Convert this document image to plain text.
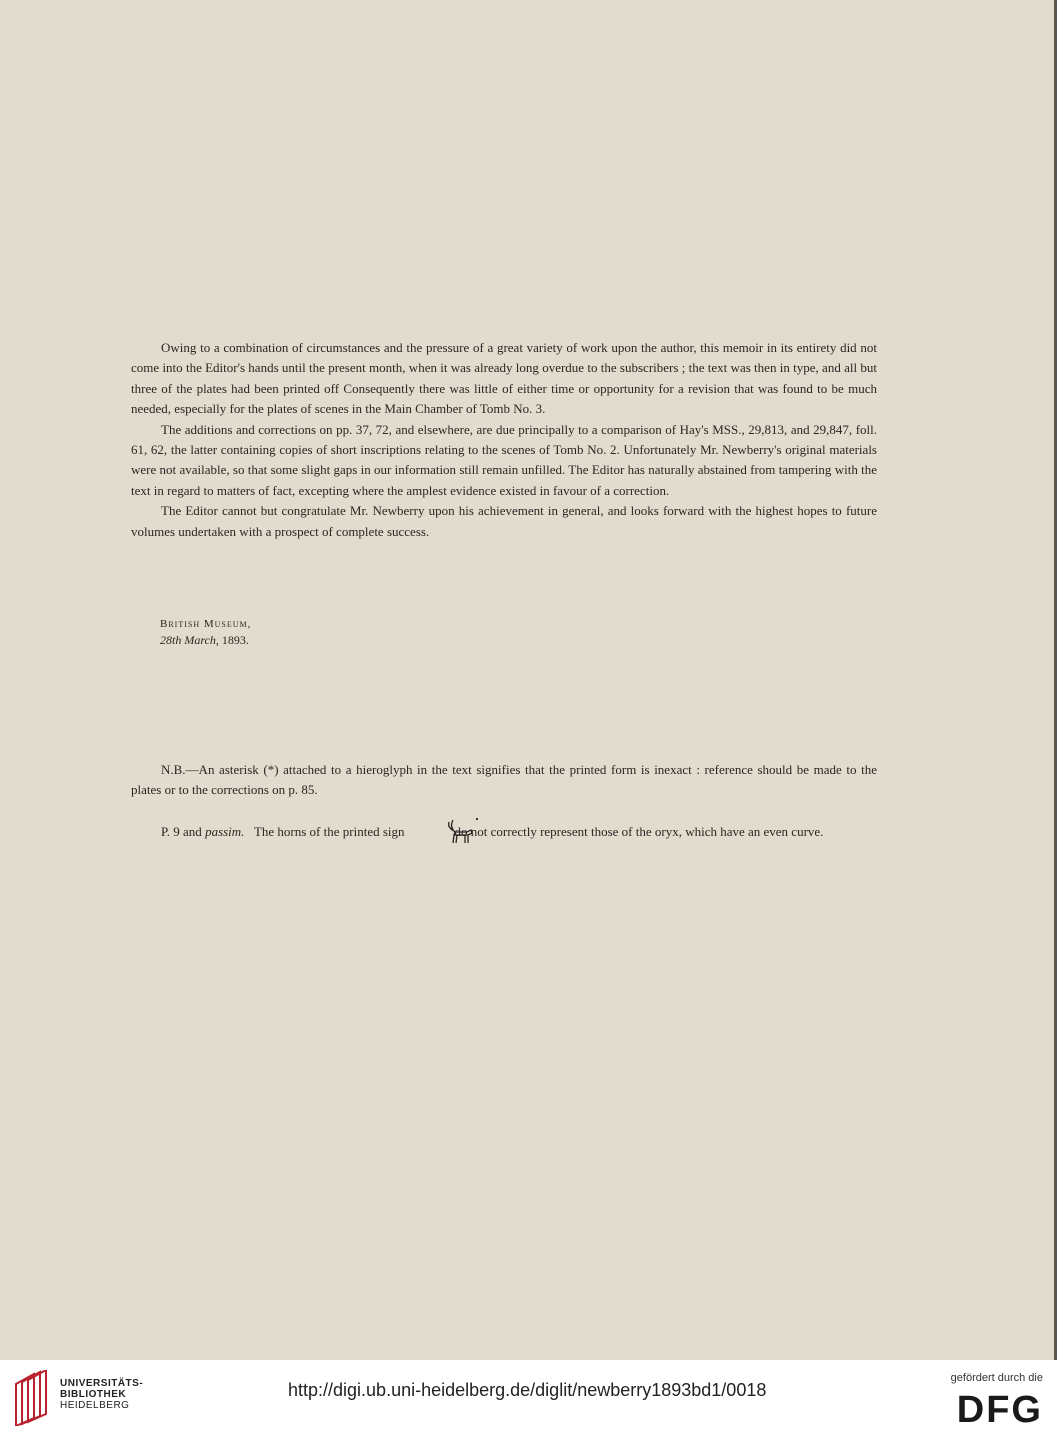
Owing to a combination of circumstances and the pressure of a great variety of work upon the author, this memoir in its entirety did not come into the Editor's hands until the present month, when it was already long overdue to the subscribers ; the text was then in type, and all but three of the plates had been printed off Consequently there was little of either time or opportunity for a revision that was found to be much needed, especially for the plates of scenes in the Main Chamber of Tomb No. 3.

The additions and corrections on pp. 37, 72, and elsewhere, are due principally to a comparison of Hay's MSS., 29,813, and 29,847, foll. 61, 62, the latter containing copies of short inscriptions relating to the scenes of Tomb No. 2. Unfortunately Mr. Newberry's original materials were not available, so that some slight gaps in our information still remain unfilled. The Editor has naturally abstained from tampering with the text in regard to matters of fact, excepting where the amplest evidence existed in favour of a correction.

The Editor cannot but congratulate Mr. Newberry upon his achievement in general, and looks forward with the highest hopes to future volumes undertaken with a prospect of complete success.

British Museum,
28th March, 1893.

N.B.—An asterisk (*) attached to a hieroglyph in the text signifies that the printed form is inexact : reference should be made to the plates or to the corrections on p. 85.

P. 9 and passim. The horns of the printed sign	do not correctly represent those of the oryx, which have an even curve.

UNIVERSITÄTS-
BIBLIOTHEK
HEIDELBERG
http://digi.ub.uni-heidelberg.de/diglit/newberry1893bd1/0018
gefördert durch die
DFG
